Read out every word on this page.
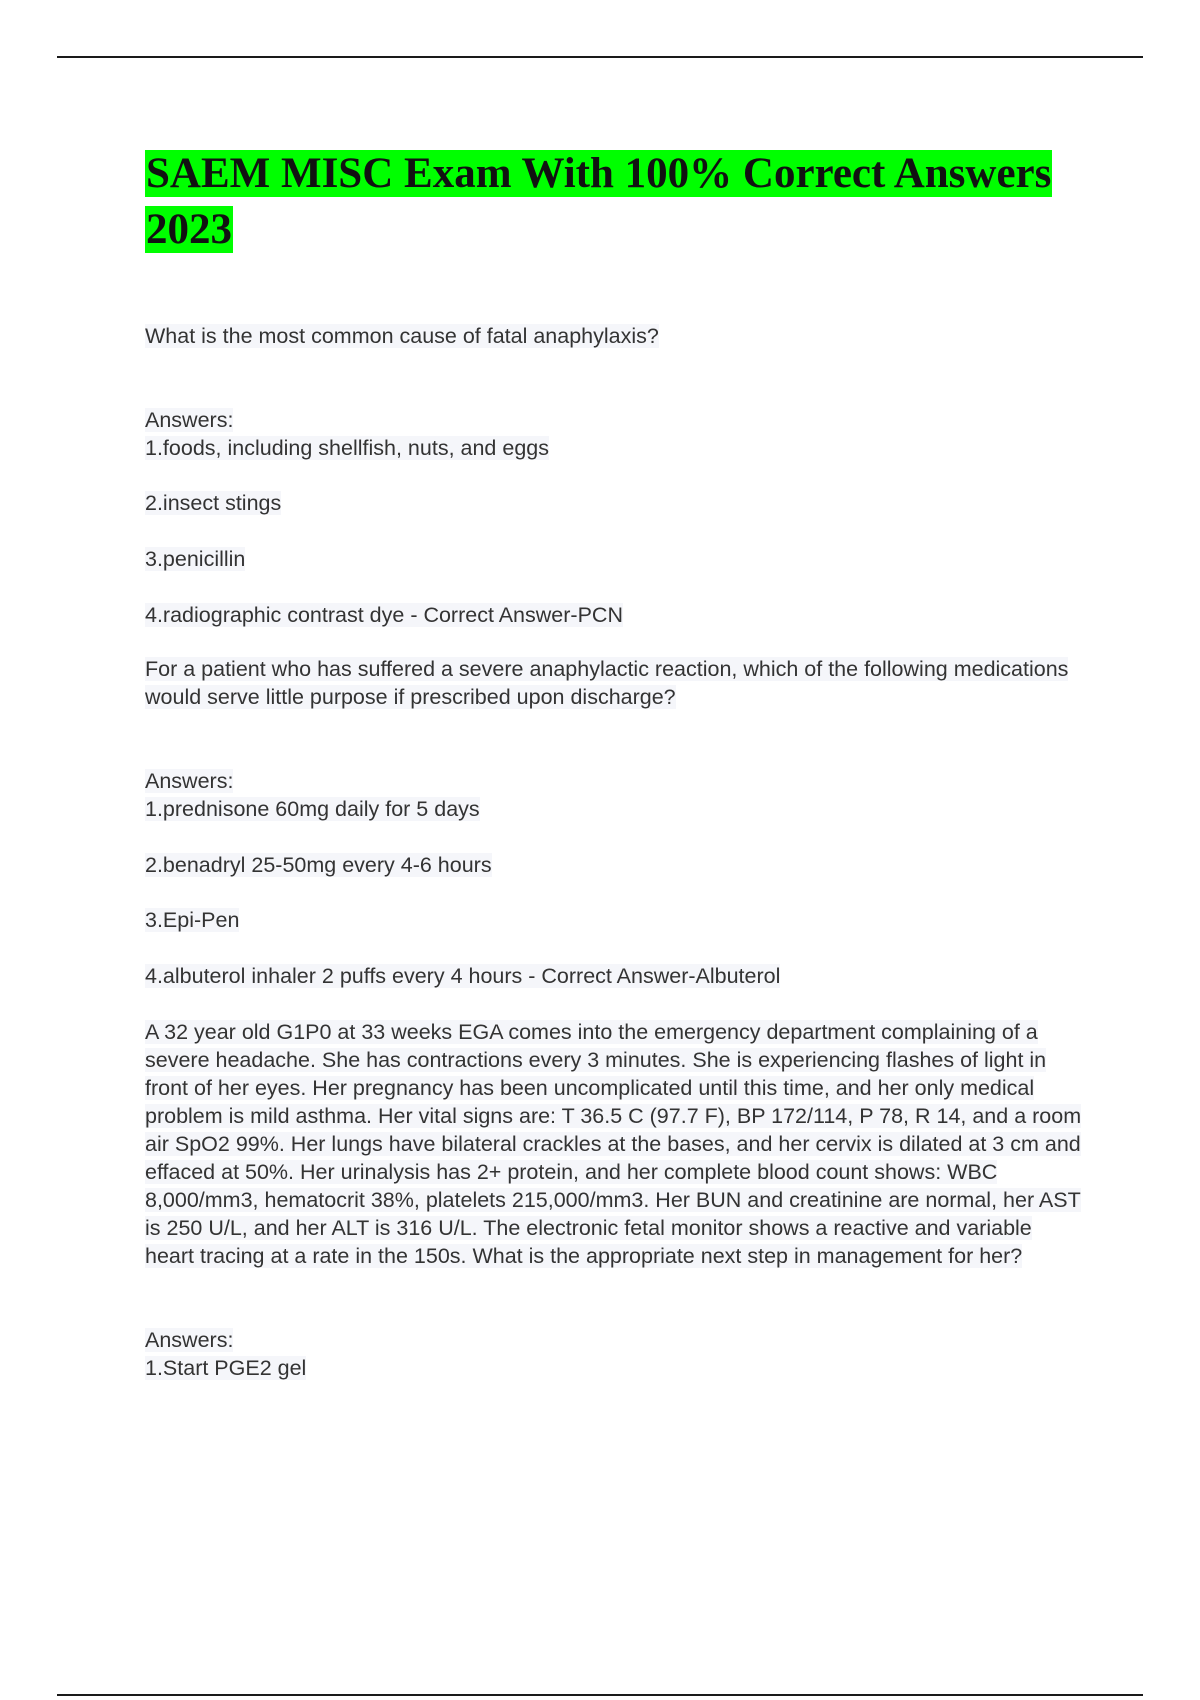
SAEM MISC Exam With 100% Correct Answers 2023

What is the most common cause of fatal anaphylaxis?

Answers:

1.foods, including shellfish, nuts, and eggs

2.insect stings

3.penicillin

4.radiographic contrast dye - Correct Answer-PCN

For a patient who has suffered a severe anaphylactic reaction, which of the following medications would serve little purpose if prescribed upon discharge?

Answers:

1.prednisone 60mg daily for 5 days

2.benadryl 25-50mg every 4-6 hours

3.Epi-Pen

4.albuterol inhaler 2 puffs every 4 hours - Correct Answer-Albuterol

A 32 year old G1P0 at 33 weeks EGA comes into the emergency department complaining of a severe headache. She has contractions every 3 minutes. She is experiencing flashes of light in front of her eyes. Her pregnancy has been uncomplicated until this time, and her only medical problem is mild asthma. Her vital signs are: T 36.5 C (97.7 F), BP 172/114, P 78, R 14, and a room air SpO2 99%. Her lungs have bilateral crackles at the bases, and her cervix is dilated at 3 cm and effaced at 50%. Her urinalysis has 2+ protein, and her complete blood count shows: WBC 8,000/mm3, hematocrit 38%, platelets 215,000/mm3. Her BUN and creatinine are normal, her AST is 250 U/L, and her ALT is 316 U/L. The electronic fetal monitor shows a reactive and variable heart tracing at a rate in the 150s. What is the appropriate next step in management for her?

Answers:

1.Start PGE2 gel
